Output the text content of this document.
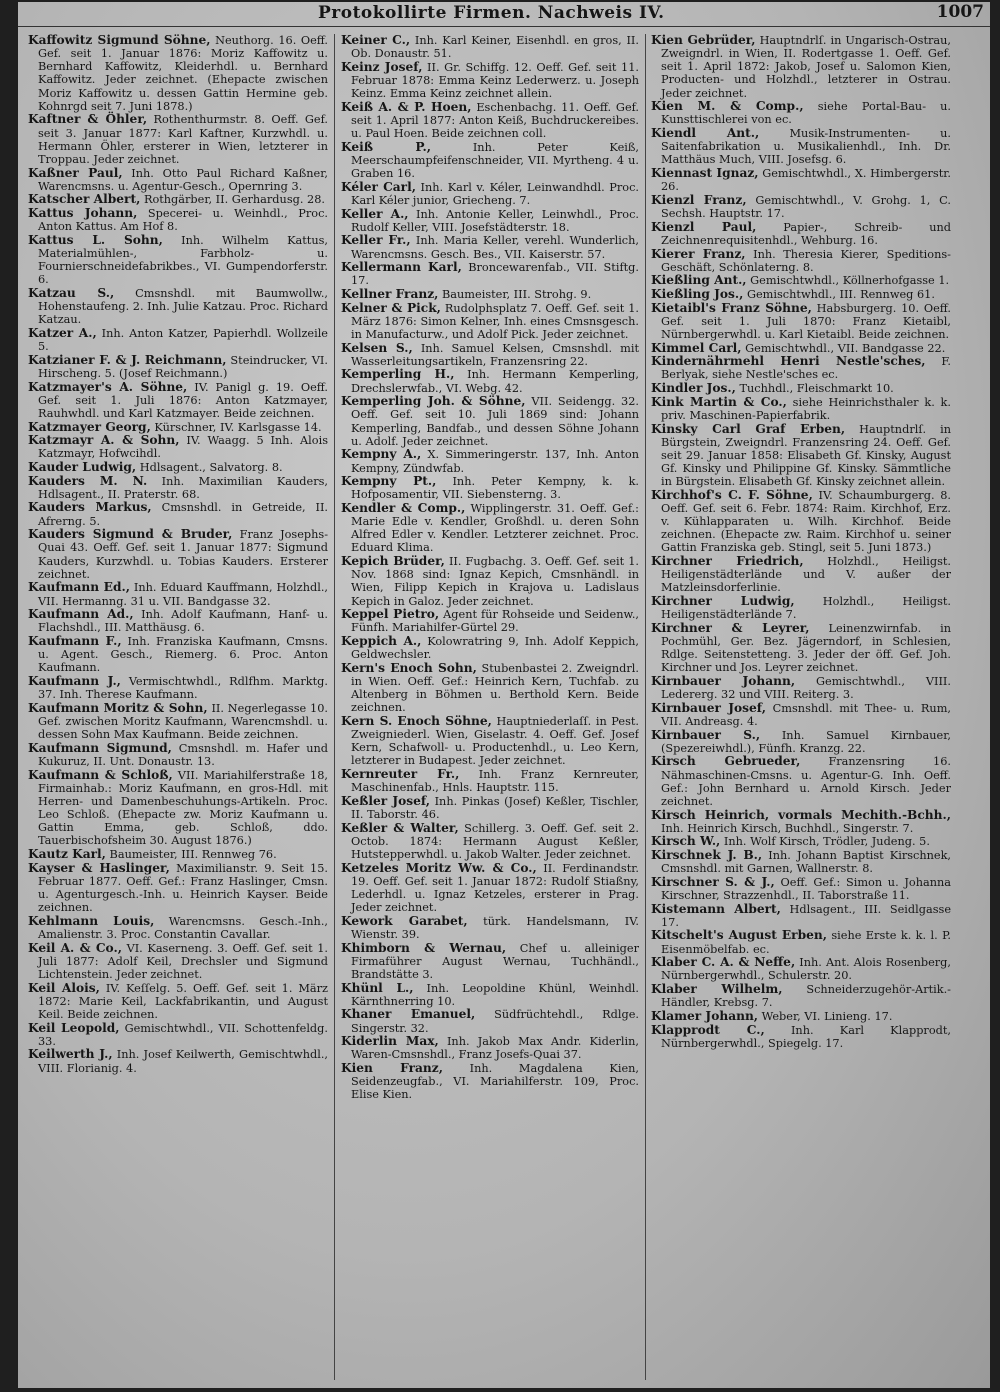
Protokollirte Firmen. Nachweis IV.	1007
Kaffowitz Sigmund Söhne, Neuthorg. 16. Oeff. Gef. seit 1. Januar 1876: Moriz Kaffowitz u. Bernhard Kaffowitz, Kleiderhdl. u. Bernhard Kaffowitz. Jeder zeichnet. (Ehepacte zwischen Moriz Kaffowitz u. dessen Gattin Hermine geb. Kohnrgd seit 7. Juni 1878.)
Kaftner & Öhler, Rothenthurmstr. 8. Oeff. Gef. seit 3. Januar 1877: Karl Kaftner, Kurzwhdl. u. Hermann Öhler, ersterer in Wien, letzterer in Troppau. Jeder zeichnet.
Kaßner Paul, Inh. Otto Paul Richard Kaßner, Warencmsns. u. Agentur-Gesch., Opernring 3.
Katscher Albert, Rothgärber, II. Gerhardusg. 28.
Kattus Johann, Specerei- u. Weinhdl., Proc. Anton Kattus. Am Hof 8.
Kattus L. Sohn, Inh. Wilhelm Kattus, Materialmühlen-, Farbholz- u. Fournierschneidefabrikbes., VI. Gumpendorferstr. 6.
Katzau S., Cmsnshdl. mit Baumwollw., Hohenstaufeng. 2. Inh. Julie Katzau. Proc. Richard Katzau.
Katzer A., Inh. Anton Katzer, Papierhdl. Wollzeile 5.
Katzianer F. & J. Reichmann, Steindrucker, VI. Hirscheng. 5. (Josef Reichmann.)
Katzmayer's A. Söhne, IV. Panigl g. 19. Oeff. Gef. seit 1. Juli 1876: Anton Katzmayer, Rauhwhdl. und Karl Katzmayer. Beide zeichnen.
Katzmayer Georg, Kürschner, IV. Karlsgasse 14.
Katzmayr A. & Sohn, IV. Waagg. 5 Inh. Alois Katzmayr, Hofwcihdl.
Kauder Ludwig, Hdlsagent., Salvatorg. 8.
Kauders M. N. Inh. Maximilian Kauders, Hdlsagent., II. Praterstr. 68.
Kauders Markus, Cmsnshdl. in Getreide, II. Afrerng. 5.
Kauders Sigmund & Bruder, Franz Josephs-Quai 43. Oeff. Gef. seit 1. Januar 1877: Sigmund Kauders, Kurzwhdl. u. Tobias Kauders. Ersterer zeichnet.
Kaufmann Ed., Inh. Eduard Kauffmann, Holzhdl., VII. Hermanng. 31 u. VII. Bandgasse 32.
Kaufmann Ad., Inh. Adolf Kaufmann, Hanf- u. Flachshdl., III. Matthäusg. 6.
Kaufmann F., Inh. Franziska Kaufmann, Cmsns. u. Agent. Gesch., Riemerg. 6. Proc. Anton Kaufmann.
Kaufmann J., Vermischtwhdl., Rdlfhm. Marktg. 37. Inh. Therese Kaufmann.
Kaufmann Moritz & Sohn, II. Negerlegasse 10. Gef. zwischen Moritz Kaufmann, Warencmshdl. u. dessen Sohn Max Kaufmann. Beide zeichnen.
Kaufmann Sigmund, Cmsnshdl. m. Hafer und Kukuruz, II. Unt. Donaustr. 13.
Kaufmann & Schloß, VII. Mariahilferstraße 18, Firmainhab.: Moriz Kaufmann, en gros-Hdl. mit Herren- und Damenbeschuhungs-Artikeln. Proc. Leo Schloß. (Ehepacte zw. Moriz Kaufmann u. Gattin Emma, geb. Schloß, ddo. Tauerbischofsheim 30. August 1876.)
Kautz Karl, Baumeister, III. Rennweg 76.
Kayser & Haslinger, Maximilianstr. 9. Seit 15. Februar 1877. Oeff. Gef.: Franz Haslinger, Cmsn. u. Agenturgesch.-Inh. u. Heinrich Kayser. Beide zeichnen.
Kehlmann Louis, Warencmsns. Gesch.-Inh., Amalienstr. 3. Proc. Constantin Cavallar.
Keil A. & Co., VI. Kaserneng. 3. Oeff. Gef. seit 1. Juli 1877: Adolf Keil, Drechsler und Sigmund Lichtenstein. Jeder zeichnet.
Keil Alois, IV. Keſſelg. 5. Oeff. Gef. seit 1. März 1872: Marie Keil, Lackfabrikantin, und August Keil. Beide zeichnen.
Keil Leopold, Gemischtwhdl., VII. Schottenfeldg. 33.
Keilwerth J., Inh. Josef Keilwerth, Gemischtwhdl., VIII. Florianig. 4.
Keiner C., Inh. Karl Keiner, Eisenhdl. en gros, II. Ob. Donaustr. 51.
Keinz Josef, II. Gr. Schiffg. 12. Oeff. Gef. seit 11. Februar 1878: Emma Keinz Lederwerz. u. Joseph Keinz. Emma Keinz zeichnet allein.
Keiß A. & P. Hoen, Eschenbachg. 11. Oeff. Gef. seit 1. April 1877: Anton Keiß, Buchdruckereibes. u. Paul Hoen. Beide zeichnen coll.
Keiß P.,	Inh. Peter Keiß, Meerschaumpfeifenschneider, VII. Myrtheng. 4 u. Graben 16.
Kéler Carl, Inh. Karl v. Kéler, Leinwandhdl. Proc. Karl Kéler junior, Griecheng. 7.
Keller A., Inh. Antonie Keller, Leinwhdl., Proc. Rudolf Keller, VIII. Josefstädterstr. 18.
Keller Fr., Inh. Maria Keller, verehl. Wunderlich, Warencmsns. Gesch. Bes., VII. Kaiserstr. 57.
Kellermann Karl, Broncewarenfab., VII. Stiftg. 17.
Kellner Franz, Baumeister, III. Strohg. 9.
Kelner & Pick, Rudolphsplatz 7. Oeff. Gef. seit 1. März 1876: Simon Kelner, Inh. eines Cmsnsgesch. in Manufacturw., und Adolf Pick. Jeder zeichnet.
Kelsen S., Inh. Samuel Kelsen, Cmsnshdl. mit Wasserleitungsartikeln, Franzensring 22.
Kemperling H., Inh. Hermann Kemperling, Drechslerwfab., VI. Webg. 42.
Kemperling Joh. & Söhne, VII. Seidengg. 32. Oeff. Gef. seit 10. Juli 1869 sind: Johann Kemperling, Bandfab., und dessen Söhne Johann u. Adolf. Jeder zeichnet.
Kempny A., X. Simmeringerstr. 137, Inh. Anton Kempny, Zündwfab.
Kempny Pt., Inh. Peter Kempny, k. k. Hofposamentir, VII. Siebensterng. 3.
Kendler & Comp., Wipplingerstr. 31. Oeff. Gef.: Marie Edle v. Kendler, Großhdl. u. deren Sohn Alfred Edler v. Kendler. Letzterer zeichnet. Proc. Eduard Klima.
Kepich Brüder, II. Fugbachg. 3. Oeff. Gef. seit 1. Nov. 1868 sind: Ignaz Kepich, Cmsnhändl. in Wien, Filipp Kepich in Krajova u. Ladislaus Kepich in Galoz. Jeder zeichnet.
Keppel Pietro, Agent für Rohseide und Seidenw., Fünfh. Mariahilfer-Gürtel 29.
Keppich A., Kolowratring 9, Inh. Adolf Keppich, Geldwechsler.
Kern's Enoch Sohn, Stubenbastei 2. Zweigndrl. in Wien. Oeff. Gef.: Heinrich Kern, Tuchfab. zu Altenberg in Böhmen u. Berthold Kern. Beide zeichnen.
Kern S. Enoch Söhne, Hauptniederlaſſ. in Pest. Zweigniederl. Wien, Giselastr. 4. Oeff. Gef. Josef Kern, Schafwoll- u. Productenhdl., u. Leo Kern, letzterer in Budapest. Jeder zeichnet.
Kernreuter Fr., Inh. Franz Kernreuter, Maschinenfab., Hnls. Hauptstr. 115.
Keßler Josef, Inh. Pinkas (Josef) Keßler, Tischler, II. Taborstr. 46.
Keßler & Walter, Schillerg. 3. Oeff. Gef. seit 2. Octob. 1874: Hermann August Keßler, Hutstepperwhdl. u. Jakob Walter. Jeder zeichnet.
Ketzeles Moritz Ww. & Co., II. Ferdinandstr. 19. Oeff. Gef. seit 1. Januar 1872: Rudolf Stiaßny, Lederhdl. u. Ignaz Ketzeles, ersterer in Prag. Jeder zeichnet.
Kework Garabet, türk. Handelsmann, IV. Wienstr. 39.
Khimborn & Wernau, Chef u. alleiniger Firmaführer August Wernau, Tuchhändl., Brandstätte 3.
Khünl L., Inh. Leopoldine Khünl, Weinhdl. Kärnthnerring 10.
Khaner Emanuel, Südfrüchtehdl., Rdlge. Singerstr. 32.
Kiderlin Max, Inh. Jakob Max Andr. Kiderlin, Waren-Cmsnshdl., Franz Josefs-Quai 37.
Kien Franz, Inh. Magdalena Kien, Seidenzeugfab., VI. Mariahilferstr. 109, Proc. Elise Kien.
Kien Gebrüder, Hauptndrlſ. in Ungarisch-Ostrau, Zweigndrl. in Wien, II. Rodertgasse 1. Oeff. Gef. seit 1. April 1872: Jakob, Josef u. Salomon Kien, Producten- und Holzhdl., letzterer in Ostrau. Jeder zeichnet.
Kien M. & Comp., siehe Portal-Bau- u. Kunsttischlerei von ec.
Kiendl Ant.,	Musik-Instrumenten- u. Saitenfabrikation u. Musikalienhdl., Inh. Dr. Matthäus Much, VIII. Josefsg. 6.
Kiennast Ignaz, Gemischtwhdl., X. Himbergerstr. 26.
Kienzl Franz, Gemischtwhdl., V. Grohg. 1, C. Sechsh. Hauptstr. 17.
Kienzl Paul, Papier-, Schreib- und Zeichnenrequisitenhdl., Wehburg. 16.
Kierer Franz, Inh. Theresia Kierer, Speditions-Geschäft, Schönlaterng. 8.
Kießling Ant., Gemischtwhdl., Köllnerhofgasse 1.
Kießling Jos., Gemischtwhdl., III. Rennweg 61.
Kietaibl's Franz Söhne, Habsburgerg. 10. Oeff. Gef. seit 1. Juli 1870: Franz Kietaibl, Nürnbergerwhdl. u. Karl Kietaibl. Beide zeichnen.
Kimmel Carl, Gemischtwhdl., VII. Bandgasse 22.
Kindernährmehl Henri Nestle'sches, F. Berlyak, siehe Nestle'sches ec.
Kindler Jos., Tuchhdl., Fleischmarkt 10.
Kink Martin & Co., siehe Heinrichsthaler k. k. priv. Maschinen-Papierfabrik.
Kinsky Carl Graf Erben, Hauptndrlſ. in Bürgstein, Zweigndrl. Franzensring 24. Oeff. Gef. seit 29. Januar 1858: Elisabeth Gf. Kinsky, August Gf. Kinsky und Philippine Gf. Kinsky. Sämmtliche in Bürgstein. Elisabeth Gf. Kinsky zeichnet allein.
Kirchhof's C. F. Söhne, IV. Schaumburgerg. 8. Oeff. Gef. seit 6. Febr. 1874: Raim. Kirchhof, Erz. v. Kühlapparaten u. Wilh. Kirchhof. Beide zeichnen. (Ehepacte zw. Raim. Kirchhof u. seiner Gattin Franziska geb. Stingl, seit 5. Juni 1873.)
Kirchner Friedrich, Holzhdl., Heiligst. Heiligenstädterlände und V. außer der Matzleinsdorferlinie.
Kirchner Ludwig, Holzhdl., Heiligst. Heiligenstädterlände 7.
Kirchner & Leyrer, Leinenzwirnfab. in Pochmühl, Ger. Bez. Jägerndorf, in Schlesien, Rdlge. Seitenstetteng. 3. Jeder der öff. Gef. Joh. Kirchner und Jos. Leyrer zeichnet.
Kirnbauer Johann, Gemischtwhdl., VIII. Ledererg. 32 und VIII. Reiterg. 3.
Kirnbauer Josef, Cmsnshdl. mit Thee- u. Rum, VII. Andreasg. 4.
Kirnbauer S., Inh. Samuel Kirnbauer, (Spezereiwhdl.), Fünfh. Kranzg. 22.
Kirsch Gebrueder, Franzensring 16. Nähmaschinen-Cmsns. u. Agentur-G. Inh. Oeff. Gef.: John Bernhard u. Arnold Kirsch. Jeder zeichnet.
Kirsch Heinrich, vormals Mechith.-Bchh., Inh. Heinrich Kirsch, Buchhdl., Singerstr. 7.
Kirsch W., Inh. Wolf Kirsch, Trödler, Judeng. 5.
Kirschnek J. B., Inh. Johann Baptist Kirschnek, Cmsnshdl. mit Garnen, Wallnerstr. 8.
Kirschner S. & J., Oeff. Gef.: Simon u. Johanna Kirschner, Strazzenhdl., II. Taborstraße 11.
Kistemann Albert, Hdlsagent., III. Seidlgasse 17.
Kitschelt's August Erben, siehe Erste k. k. l. P. Eisenmöbelfab. ec.
Klaber C. A. & Neffe, Inh. Ant. Alois Rosenberg, Nürnbergerwhdl., Schulerstr. 20.
Klaber Wilhelm, Schneiderzugehör-Artik.-Händler, Krebsg. 7.
Klamer Johann, Weber, VI. Linieng. 17.
Klapprodt C., Inh. Karl Klapprodt, Nürnbergerwhdl., Spiegelg. 17.
